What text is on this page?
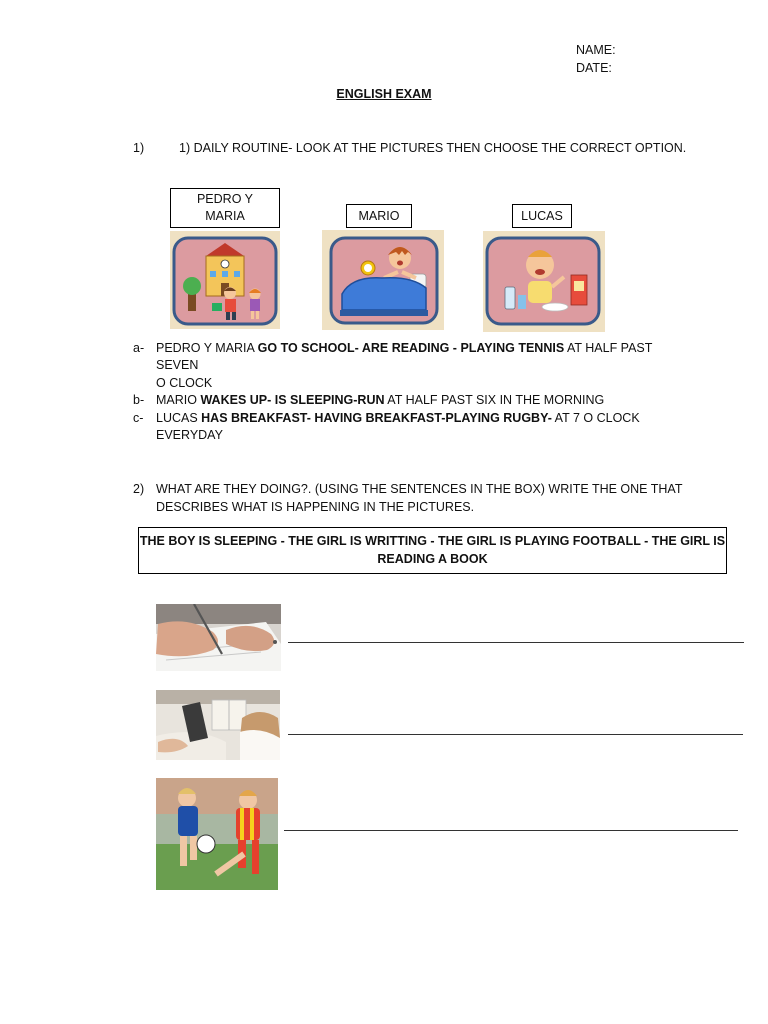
NAME:
DATE:
ENGLISH EXAM
1)	1) DAILY ROUTINE- LOOK AT THE PICTURES THEN CHOOSE THE CORRECT OPTION.
PEDRO Y MARIA	MARIO	LUCAS
a- PEDRO Y MARIA GO TO SCHOOL- ARE READING - PLAYING TENNIS AT HALF PAST
SEVEN
O CLOCK
b- MARIO WAKES UP- IS SLEEPING-RUN AT HALF PAST SIX IN THE MORNING
c-	LUCAS HAS BREAKFAST- HAVING BREAKFAST-PLAYING RUGBY- AT 7 O CLOCK
EVERYDAY
2) WHAT ARE THEY DOING?. (USING THE SENTENCES IN THE BOX) WRITE THE ONE THAT
DESCRIBES WHAT IS HAPPENING IN THE PICTURES.
THE BOY IS SLEEPING - THE GIRL IS WRITTING - THE GIRL IS PLAYING FOOTBALL - THE GIRL IS
READING A BOOK
